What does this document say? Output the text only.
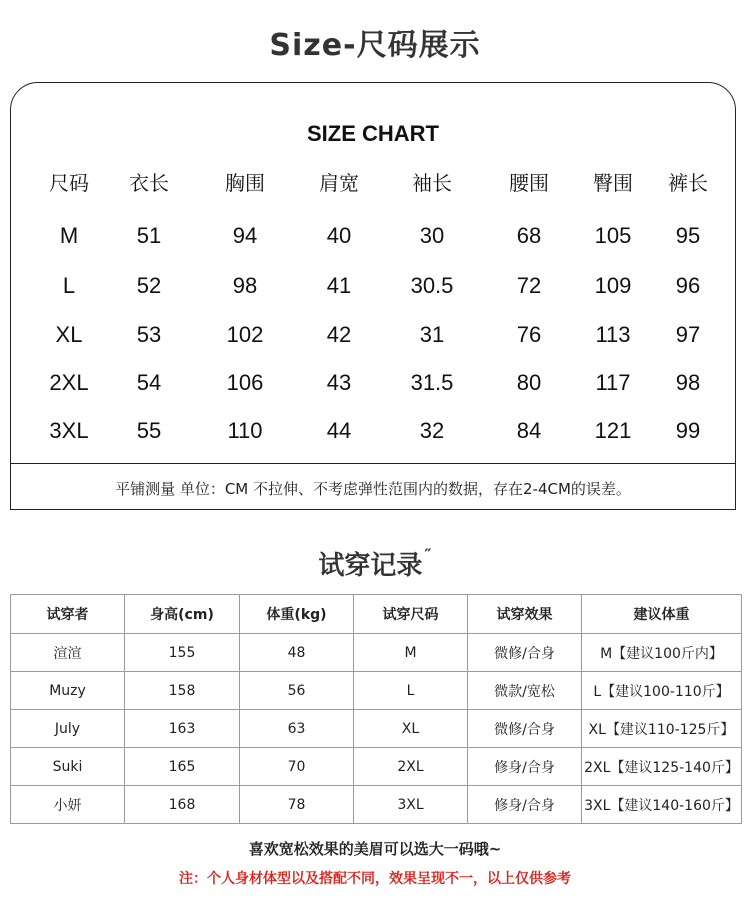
Size-尺码展示
SIZE CHART
尺码	衣长	胸围	肩宽	袖长	腰围	臀围	裤长
M	51	94	40	30	68	105	95
L	52	98	41	30.5	72	109	96
XL	53	102	42	31	76	113	97
2XL	54	106	43	31.5	80	117	98
3XL	55	110	44	32	84	121	99
平铺测量 单位：CM 不拉伸、不考虑弹性范围内的数据，存在2-4CM的误差。
试穿记录 ″
试穿者	身高(cm)	体重(kg)	试穿尺码	试穿效果	建议体重
渲渲	155	48	M	微修/合身	M【建议100斤内】
Muzy	158	56	L	微款/宽松	L【建议100-110斤】
July	163	63	XL	微修/合身	XL【建议110-125斤】
Suki	165	70	2XL	修身/合身	2XL【建议125-140斤】
小妍	168	78	3XL	修身/合身	3XL【建议140-160斤】
喜欢宽松效果的美眉可以选大一码哦~
注：个人身材体型以及搭配不同，效果呈现不一，以上仅供参考
